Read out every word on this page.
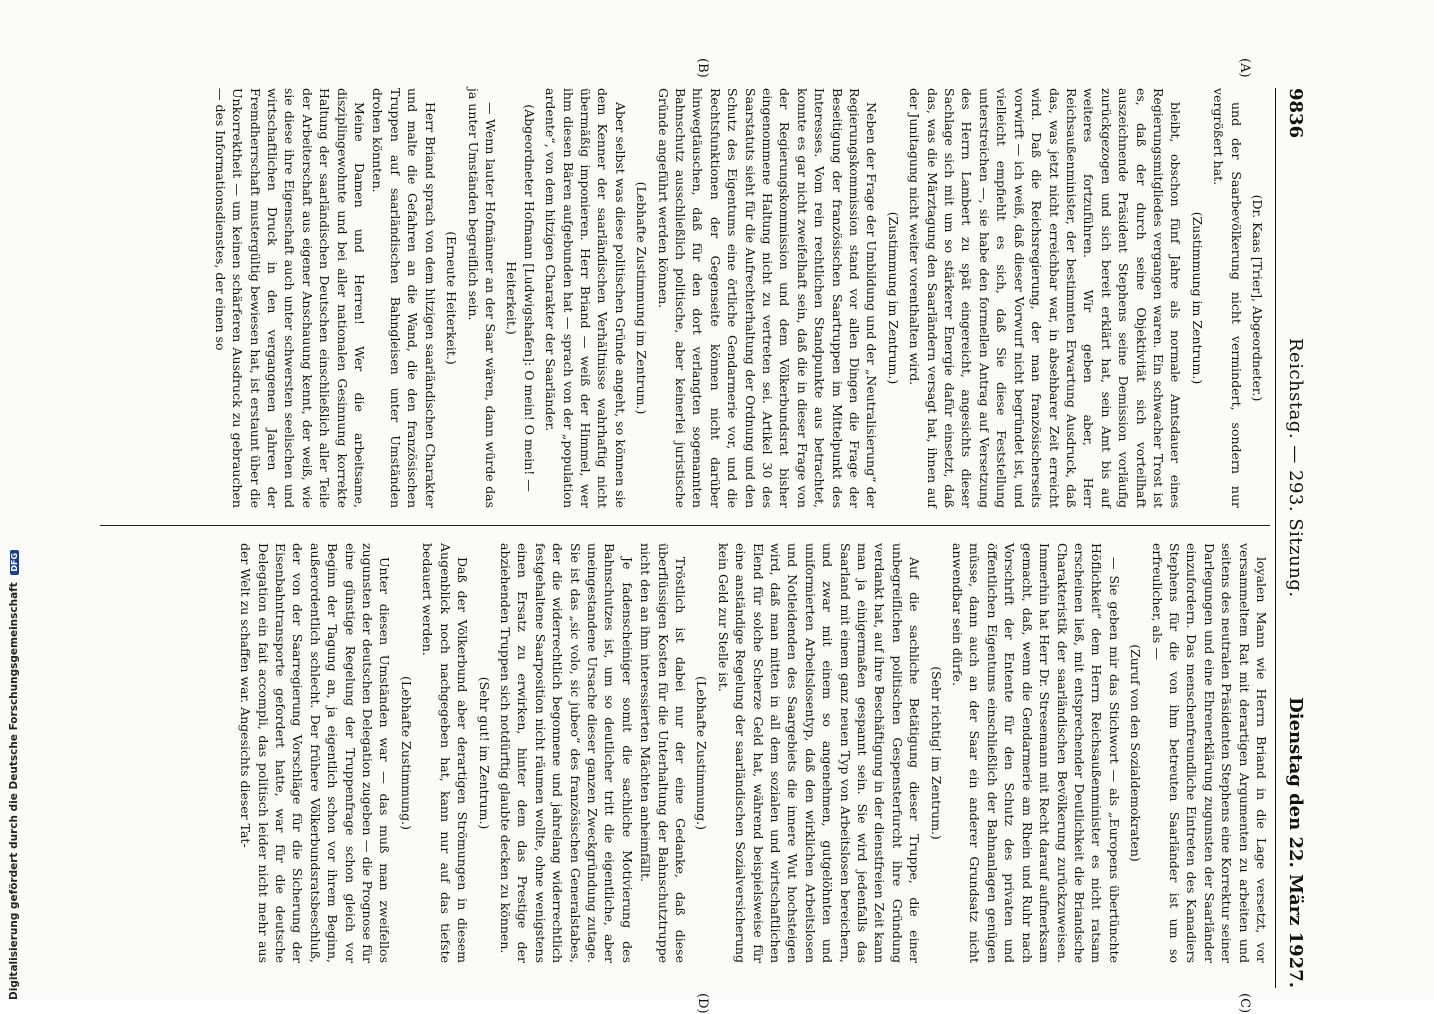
9836
Reichstag. — 293. Sitzung.
Dienstag den 22. März 1927.
(A)
(B)
(C)
(D)

(Dr. Kaas [Trier], Abgeordneter.)

und der Saarbevölkerung nicht vermindert, sondern nur vergrößert hat.

(Zustimmung im Zentrum.)

bleibt, obschon fünf Jahre als normale Amtsdauer eines Regierungsmitgliedes vergangen waren. Ein schwacher Trost ist es, daß der durch seine Objektivität sich vorteilhaft auszeichnende Präsident Stephens seine Demission vorläufig zurückgezogen und sich bereit erklärt hat, sein Amt bis auf weiteres fortzuführen. Wir geben aber, Herr Reichsaußenminister, der bestimmten Erwartung Ausdruck, daß das, was jetzt nicht erreichbar war, in absehbarer Zeit erreicht wird. Daß die Reichsregierung, der man französischerseits vorwirft — ich weiß, daß dieser Vorwurf nicht begründet ist, und vielleicht empfiehlt es sich, daß Sie diese Feststellung unterstreichen —, sie habe den formellen Antrag auf Versetzung des Herrn Lambert zu spät eingereicht, angesichts dieser Sachlage sich mit um so stärkerer Energie dafür einsetzt, daß das, was die Märztagung den Saarländern versagt hat, ihnen auf der Junitagung nicht weiter vorenthalten wird.

(Zustimmung im Zentrum.)

Neben der Frage der Umbildung und der „Neutralisierung“ der Regierungskommission stand vor allen Dingen die Frage der Beseitigung der französischen Saartruppen im Mittelpunkt des Interesses. Vom rein rechtlichen Standpunkte aus betrachtet, konnte es gar nicht zweifelhaft sein, daß die in dieser Frage von der Regierungskommission und dem Völkerbundsrat bisher eingenommene Haltung nicht zu vertreten sei. Artikel 30 des Saarstatuts sieht für die Aufrechterhaltung der Ordnung und den Schutz des Eigentums eine örtliche Gendarmerie vor, und die Rechtsfunktionen der Gegenseite können nicht darüber hinwegtäuschen, daß für den dort verlangten sogenannten Bahnschutz ausschließlich politische, aber keinerlei juristische Gründe angeführt werden können.

(Lebhafte Zustimmung im Zentrum.)

Aber selbst was diese politischen Gründe angeht, so können sie dem Kenner der saarländischen Verhältnisse wahrhaftig nicht übermäßig imponieren. Herr Briand — weiß der Himmel, wer ihm diesen Bären aufgebunden hat — sprach von der „population ardente“, von dem hitzigen Charakter der Saarländer.

(Abgeordneter Hofmann [Ludwigshafen]: O mein! O mein! — Heiterkeit.)

— Wenn lauter Hofmänner an der Saar wären, dann würde das ja unter Umständen begreiflich sein.

(Erneute Heiterkeit.)

Herr Briand sprach von dem hitzigen saarländischen Charakter und malte die Gefahren an die Wand, die den französischen Truppen auf saarländischen Bahngleisen unter Umständen drohen könnten.

Meine Damen und Herren! Wer die arbeitsame, disziplingewohnte und bei aller nationalen Gesinnung korrekte Haltung der saarländischen Deutschen einschließlich aller Teile der Arbeiterschaft aus eigener Anschauung kennt, der weiß, wie sie diese ihre Eigenschaft auch unter schwersten seelischen und wirtschaftlichen Druck in den vergangenen Jahren der Fremdherrschaft mustergültig bewiesen hat, ist erstaunt über die Unkorrektheit — um keinen schärferen Ausdruck zu gebrauchen — des Informationsdienstes, der einen so

loyalen Mann wie Herrn Briand in die Lage versetzt, vor versammeltem Rat mit derartigen Argumenten zu arbeiten und seitens des neutralen Präsidenten Stephens eine Korrektur seiner Darlegungen und eine Ehrenerklärung zugunsten der Saarländer einzufordern. Das menschenfreundliche Eintreten des Kanadiers Stephens für die von ihm betreuten Saarländer ist um so erfreulicher, als —

(Zuruf von den Sozialdemokraten)

— Sie geben mir das Stichwort — als „Europens übertünchte Höflichkeit“ dem Herrn Reichsaußenminister es nicht ratsam erscheinen ließ, mit entsprechender Deutlichkeit die Briandsche Charakteristik der saarländischen Bevölkerung zurückzuweisen. Immerhin hat Herr Dr. Stresemann mit Recht darauf aufmerksam gemacht, daß, wenn die Gendarmerie am Rhein und Ruhr nach Vorschrift der Entente für den Schutz des privaten und öffentlichen Eigentums einschließlich der Bahnanlagen genügen müsse, dann auch an der Saar ein anderer Grundsatz nicht anwendbar sein dürfe.

(Sehr richtig! im Zentrum.)

Auf die sachliche Betätigung dieser Truppe, die einer unbegreiflichen politischen Gespensterfurcht ihre Gründung verdankt hat, auf ihre Beschäftigung in der dienstfreien Zeit kann man ja einigermaßen gespannt sein. Sie wird jedenfalls das Saarland mit einem ganz neuen Typ von Arbeitslosen bereichern, und zwar mit einem so angenehmen, gutgelöhnten und uniformierten Arbeitslosentyp, daß den wirklichen Arbeitslosen und Notleidenden des Saargebiets die innere Wut hochsteigen wird, daß man mitten in all dem sozialen und wirtschaftlichen Elend für solche Scherze Geld hat, während beispielsweise für eine anständige Regelung der saarländischen Sozialversicherung kein Geld zur Stelle ist.

(Lebhafte Zustimmung.)

Tröstlich ist dabei nur der eine Gedanke, daß diese überflüssigen Kosten für die Unterhaltung der Bahnschutztruppe nicht den an ihm interessierten Mächten anheimfällt.

Je fadenscheiniger somit die sachliche Motivierung des Bahnschutzes ist, um so deutlicher tritt die eigentliche, aber uneingestandene Ursache dieser ganzen Zweckgründung zutage. Sie ist das „sic volo, sic jubeo“ des französischen Generalstabes, der die widerrechtlich begonnene und jahrelang widerrechtlich festgehaltene Saarposition nicht räumen wollte, ohne wenigstens einen Ersatz zu erwirken, hinter dem das Prestige der abziehenden Truppen sich notdürftig glaubte decken zu können.

(Sehr gut! im Zentrum.)

Daß der Völkerbund aber derartigen Strömungen in diesem Augenblick noch nachgegeben hat, kann nur auf das tiefste bedauert werden.

(Lebhafte Zustimmung.)

Unter diesen Umständen war — das muß man zweifellos zugunsten der deutschen Delegation zugeben — die Prognose für eine günstige Regelung der Truppenfrage schon gleich vor Beginn der Tagung an, ja eigentlich schon vor ihrem Beginn, außerordentlich schlecht. Der frühere Völkerbundsratsbeschluß, der von der Saarregierung Vorschläge für die Sicherung der Eisenbahntransporte gefordert hatte, war für die deutsche Delegation ein fait accompli, das politisch leider nicht mehr aus der Welt zu schaffen war. Angesichts dieser Tat-

Digitalisierung gefördert durch die Deutsche Forschungsgemeinschaft DFG
